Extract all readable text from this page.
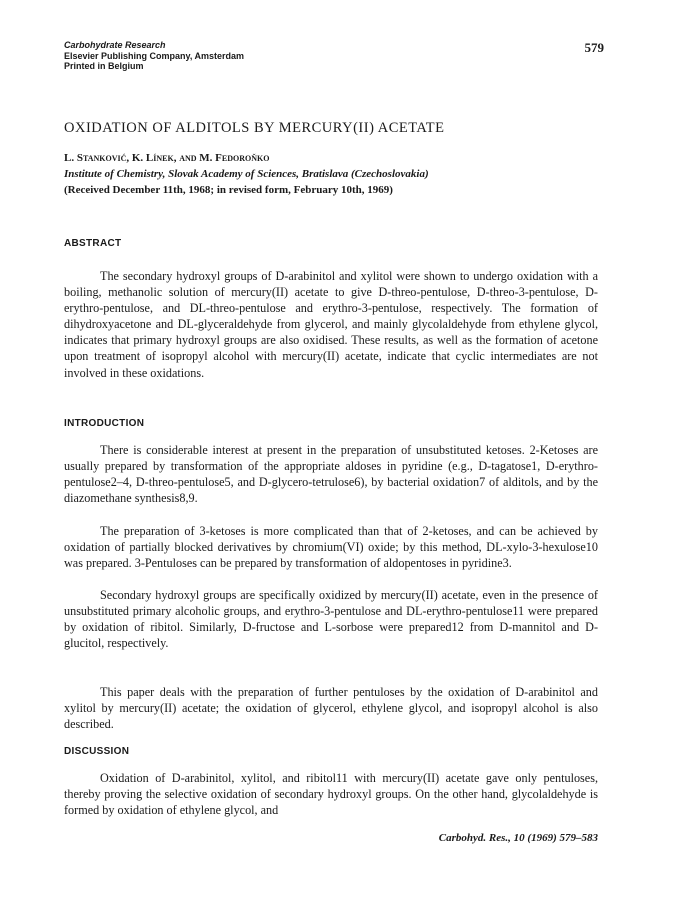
Carbohydrate Research
Elsevier Publishing Company, Amsterdam
Printed in Belgium
579
OXIDATION OF ALDITOLS BY MERCURY(II) ACETATE
L. Stanković, K. Línek, and M. Fedoroňko
Institute of Chemistry, Slovak Academy of Sciences, Bratislava (Czechoslovakia)
(Received December 11th, 1968; in revised form, February 10th, 1969)
ABSTRACT

The secondary hydroxyl groups of D-arabinitol and xylitol were shown to undergo oxidation with a boiling, methanolic solution of mercury(II) acetate to give D-threo-pentulose, D-threo-3-pentulose, D-erythro-pentulose, and DL-threo-pentulose and erythro-3-pentulose, respectively. The formation of dihydroxyacetone and DL-glyceraldehyde from glycerol, and mainly glycolaldehyde from ethylene glycol, indicates that primary hydroxyl groups are also oxidised. These results, as well as the formation of acetone upon treatment of isopropyl alcohol with mercury(II) acetate, indicate that cyclic intermediates are not involved in these oxidations.

INTRODUCTION

There is considerable interest at present in the preparation of unsubstituted ketoses. 2-Ketoses are usually prepared by transformation of the appropriate aldoses in pyridine (e.g., D-tagatose1, D-erythro-pentulose2–4, D-threo-pentulose5, and D-glycero-tetrulose6), by bacterial oxidation7 of alditols, and by the diazomethane synthesis8,9.

The preparation of 3-ketoses is more complicated than that of 2-ketoses, and can be achieved by oxidation of partially blocked derivatives by chromium(VI) oxide; by this method, DL-xylo-3-hexulose10 was prepared. 3-Pentuloses can be prepared by transformation of aldopentoses in pyridine3.

Secondary hydroxyl groups are specifically oxidized by mercury(II) acetate, even in the presence of unsubstituted primary alcoholic groups, and erythro-3-pentulose and DL-erythro-pentulose11 were prepared by oxidation of ribitol. Similarly, D-fructose and L-sorbose were prepared12 from D-mannitol and D-glucitol, respectively.

This paper deals with the preparation of further pentuloses by the oxidation of D-arabinitol and xylitol by mercury(II) acetate; the oxidation of glycerol, ethylene glycol, and isopropyl alcohol is also described.

DISCUSSION

Oxidation of D-arabinitol, xylitol, and ribitol11 with mercury(II) acetate gave only pentuloses, thereby proving the selective oxidation of secondary hydroxyl groups. On the other hand, glycolaldehyde is formed by oxidation of ethylene glycol, and

Carbohyd. Res., 10 (1969) 579–583
